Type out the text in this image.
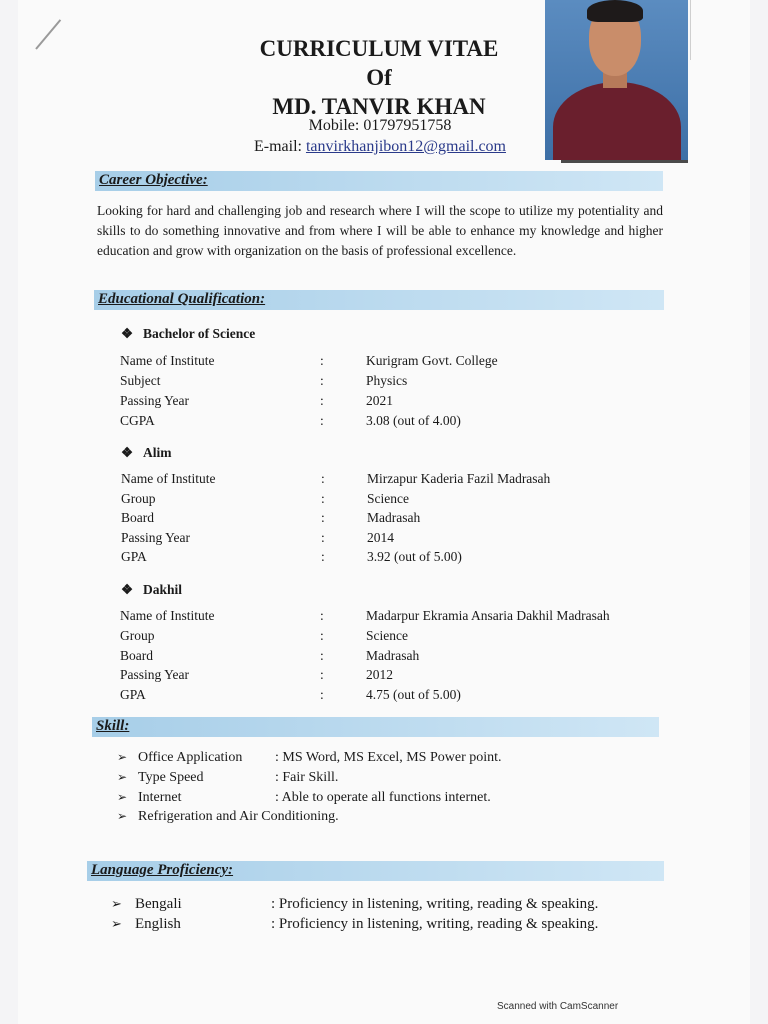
CURRICULUM VITAE
Of
MD. TANVIR KHAN
Mobile: 01797951758
E-mail: tanvirkhanjibon12@gmail.com
Career Objective:
Looking for hard and challenging job and research where I will the scope to utilize my potentiality and skills to do something innovative and from where I will be able to enhance my knowledge and higher education and grow with organization on the basis of professional excellence.
Educational Qualification:
❖ Bachelor of Science
Name of Institute	:	Kurigram Govt. College
Subject	:	Physics
Passing Year	:	2021
CGPA	:	3.08 (out of 4.00)
❖ Alim
Name of Institute	:	Mirzapur Kaderia Fazil Madrasah
Group	:	Science
Board	:	Madrasah
Passing Year	:	2014
GPA	:	3.92 (out of 5.00)
❖ Dakhil
Name of Institute	:	Madarpur Ekramia Ansaria Dakhil Madrasah
Group	:	Science
Board	:	Madrasah
Passing Year	:	2012
GPA	:	4.75 (out of 5.00)
Skill:
➢ Office Application : MS Word, MS Excel, MS Power point.
➢ Type Speed	: Fair Skill.
➢ Internet	: Able to operate all functions internet.
➢ Refrigeration and Air Conditioning.
Language Proficiency:
➢ Bengali	: Proficiency in listening, writing, reading & speaking.
➢ English	: Proficiency in listening, writing, reading & speaking.
Scanned with CamScanner
